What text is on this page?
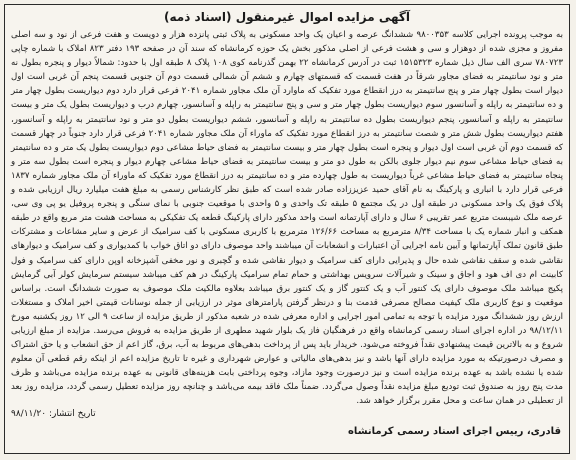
آگهی مزایده اموال غیرمنقول (اسناد ذمه)
به موجب پرونده اجرایی کلاسه ۹۸۰۰۳۵۳ ششدانگ عرصه و اعیان یک واحد مسکونی به پلاک ثبتی پانزده هزار و دویست و هفت فرعی از نود و سه اصلی مفروز و مجزی شده از دوهزار و سی و هشت فرعی از اصلی مذکور بخش یک حوزه کرمانشاه که سند آن در صفحه ۱۹۳ دفتر ۸۲۳ املاک با شماره چاپی ۷۸۰۷۲۳ سری الف سال ذیل شماره ۱۵۱۵۳۲۳ ثبت در آدرس کرمانشاه ۲۲ بهمن گذرنامه کوی ۱۰۸ پلاک ۸ طبقه اول با حدود: شمالاً دیوار و پنجره بطول نه متر و نود سانتیمتر به فضای مجاور شرقاً در هفت قسمت که قسمتهای چهارم و ششم آن شمالی قسمت دوم آن جنوبی قسمت پنجم آن غربی است اول دیوار است بطول چهار متر و پنج سانتیمتر به درز انقطاع مورد تفکیک که ماوارد آن ملک مجاور شماره ۲۰۴۱ فرعی قرار دارد دوم دیواریست بطول چهار متر و ده سانتیمتر به راپله و آسانسور سوم دیواریست بطول چهار متر و سی و پنج سانتیمتر به راپله و آسانسور، چهارم درب و دیواریست بطول یک متر و بیست سانتیمتر به راپله و آسانسور، پنجم دیواریست بطول ده سانتیمتر به راپله و آسانسور، ششم دیواریست بطول دو متر و نود سانتیمتر به راپله و آسانسور، هفتم دیواریست بطول شش متر و شصت سانتیمتر به درز انقطاع مورد تفکیک که ماوراء آن ملک مجاور شماره ۲۰۴۱ فرعی قرار دارد جنوباً در چهار قسمت که قسمت دوم آن غربی است اول دیوار و پنجره است بطول چهار متر و بیست سانتیمتر به فضای حیاط مشاعی دوم دیواریست بطول یک متر و ده سانتیمتر به فضای حیاط مشاعی سوم نیم دیوار جلوی بالکن به طول دو متر و بیست سانتیمتر به فضای حیاط مشاعی چهارم دیوار و پنجره است بطول سه متر و پنجاه سانتیمتر به فضای حیاط مشاعی غرباً دیواریست به طول چهارده متر و ده سانتیمتر به درز انقطاع مورد تفکیک که ماوراء آن ملک مجاور شماره ۱۸۳۷ فرعی قرار دارد با انباری و پارکینگ به نام آقای حمید عزیززاده صادر شده است که طبق نظر کارشناس رسمی به مبلغ هفت میلیارد ریال ارزیابی شده و پلاک فوق یک واحد مسکونی در طبقه اول در یک مجتمع ۵ طبقه تک واحدی و ۵ واحدی با موقعیت جنوبی با نمای سنگی و پنجره پروفیل یو پی وی سی، عرصه ملک شیبست متربع عمر تقریبی ۶ سال و دارای آپارتمانه است واحد مذکور دارای پارکینگ قطعه یک تفکیکی به مساحت هشت متر مربع واقع در طبقه همکف و انبار شماره یک با مساحت ۸/۳۴ مترمربع به مساحت ۱۲۶/۶۶ مترمربع با کاربری مسکونی با کف سرامیک از عرض و سایر مشاعات و مشترکات طبق قانون تملک آپارتمانها و آیین نامه اجرایی آن اعتبارات و انشعابات آن میباشند واحد موصوف دارای دو اتاق خواب با کمدیواری و کف سرامیک و دیوارهای نقاشی شده و سقف نقاشی شده حال و پذیرایی دارای کف سرامیک و دیوار نقاشی شده و گچبری و نور مخفی آشپزخانه اوپن دارای کف سرامیک و فول کابینت ام دی اف هود و اجاق و سینک و شیرآلات سرویس بهداشتی و حمام تمام سرامیک پارکینگ در هم کف میباشد سیستم سرمایش کولر آبی گرمایش پکیج میباشد ملک موصوف دارای یک کنتور آب و یک کنتور گاز و یک کنتور برق میباشد بعلاوه مالکیت ملک موصوف به صورت ششدانگ است. براساس موقعیت و نوع کاربری ملک کیفیت مصالح مصرفی قدمت بنا و درنظر گرفتن پارامترهای موثر در ارزیابی از جمله نوسانات قیمتی اخیر املاک و مستغلات ارزش روز ششدانگ مورد مزایده با توجه به تمامی امور اجرایی و اداره معرفی شده در شعبه مذکور از طریق مزایده از ساعت ۹ الی ۱۲ روز یکشنبه مورخ ۹۸/۱۲/۱۱ در اداره اجرای اسناد رسمی کرمانشاه واقع در فرهنگیان فاز یک بلوار شهید مطهری از طریق مزایده به فروش می‌رسد. مزایده از مبلغ ارزیابی شروع و به بالاترین قیمت پیشنهادی نقداً فروخته می‌شود. خریدار باید پس از پرداخت بدهی‌های مربوط به آب، برق، گاز اعم از حق انشعاب و یا حق اشتراک و مصرف درصورتیکه به مورد مزایده دارای آنها باشد و نیز بدهی‌های مالیاتی و عوارض شهرداری و غیره تا تاریخ مزایده اعم از اینکه رقم قطعی آن معلوم شده یا نشده باشد به عهده برنده مزایده است و نیز درصورت وجود مازاد، وجوه پرداختی بابت هزینه‌های قانونی به عهده برنده مزایده می‌باشد و ظرف مدت پنج روز به صندوق ثبت تودیع مبلغ مزایده نقداً وصول می‌گردد. ضمناً ملک فاقد بیمه می‌باشد و چنانچه روز مزایده تعطیل رسمی گردد، مزایده روز بعد از تعطیلی در همان ساعت و محل مقرر برگزار خواهد شد.
تاریخ انتشار: ۹۸/۱۱/۲۰
قادری، رییس اجرای اسناد رسمی کرمانشاه
